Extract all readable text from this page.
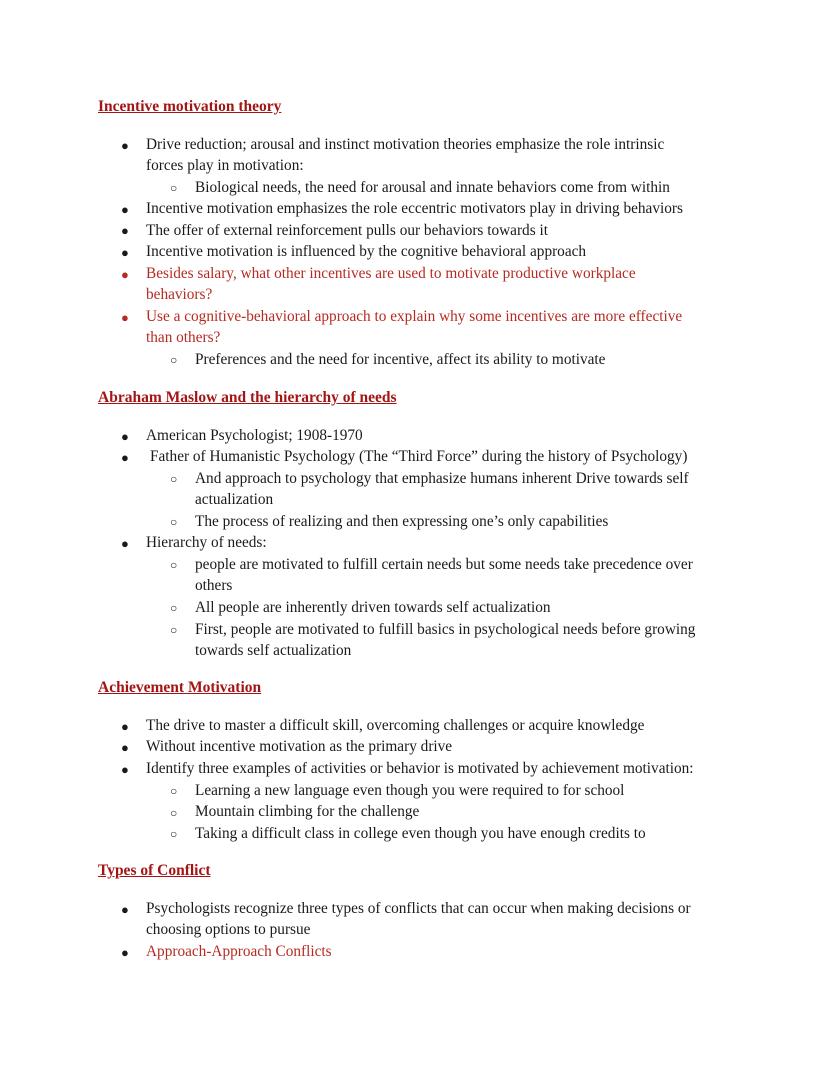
Incentive motivation theory
● Drive reduction; arousal and instinct motivation theories emphasize the role intrinsic
forces play in motivation:
○ Biological needs, the need for arousal and innate behaviors come from within
● Incentive motivation emphasizes the role eccentric motivators play in driving behaviors
● The offer of external reinforcement pulls our behaviors towards it
● Incentive motivation is influenced by the cognitive behavioral approach
● Besides salary, what other incentives are used to motivate productive workplace
behaviors?
● Use a cognitive-behavioral approach to explain why some incentives are more effective
than others?
○ Preferences and the need for incentive, affect its ability to motivate
Abraham Maslow and the hierarchy of needs
● American Psychologist; 1908-1970
● Father of Humanistic Psychology (The “Third Force” during the history of Psychology)
○ And approach to psychology that emphasize humans inherent Drive towards self
actualization
○ The process of realizing and then expressing one’s only capabilities
● Hierarchy of needs:
○ people are motivated to fulfill certain needs but some needs take precedence over
others
○ All people are inherently driven towards self actualization
○ First, people are motivated to fulfill basics in psychological needs before growing
towards self actualization
Achievement Motivation
● The drive to master a difficult skill, overcoming challenges or acquire knowledge
● Without incentive motivation as the primary drive
● Identify three examples of activities or behavior is motivated by achievement motivation:
○ Learning a new language even though you were required to for school
○ Mountain climbing for the challenge
○ Taking a difficult class in college even though you have enough credits to
Types of Conflict
● Psychologists recognize three types of conflicts that can occur when making decisions or
choosing options to pursue
● Approach-Approach Conflicts
